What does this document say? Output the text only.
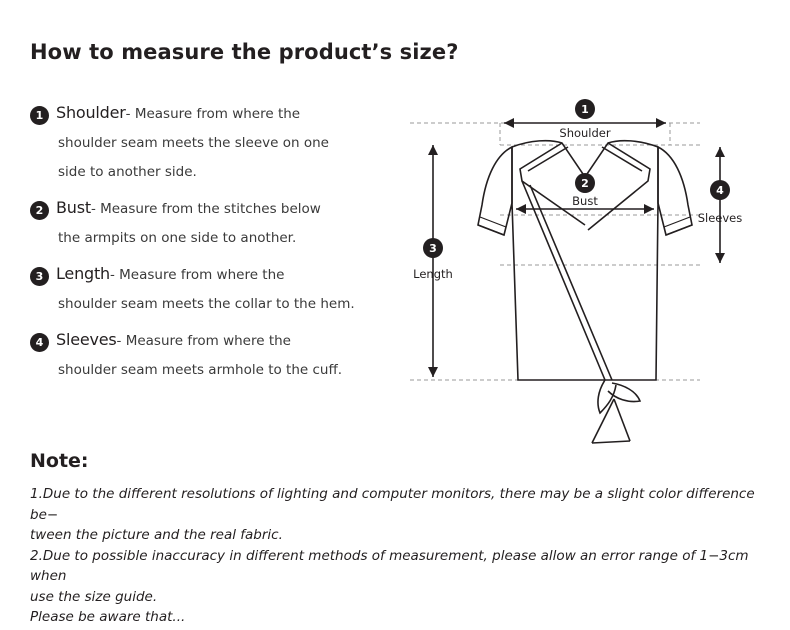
How to measure the product’s size?
1 Shoulder- Measure from where the
shoulder seam meets the sleeve on one
side to another side.
2 Bust- Measure from the stitches below
the armpits on one side to another.
3 Length- Measure from where the
shoulder seam meets the collar to the hem.
4 Sleeves- Measure from where the
shoulder seam meets armhole to the cuff.
Note:

1.Due to the different resolutions of lighting and computer monitors, there may be a slight color difference be−

tween the picture and the real fabric.

2.Due to possible inaccuracy in different methods of measurement, please allow an error range of 1−3cm when

use the size guide.

Please be aware that...

1
Shoulder
2
Bust
3
Length
4
Sleeves
